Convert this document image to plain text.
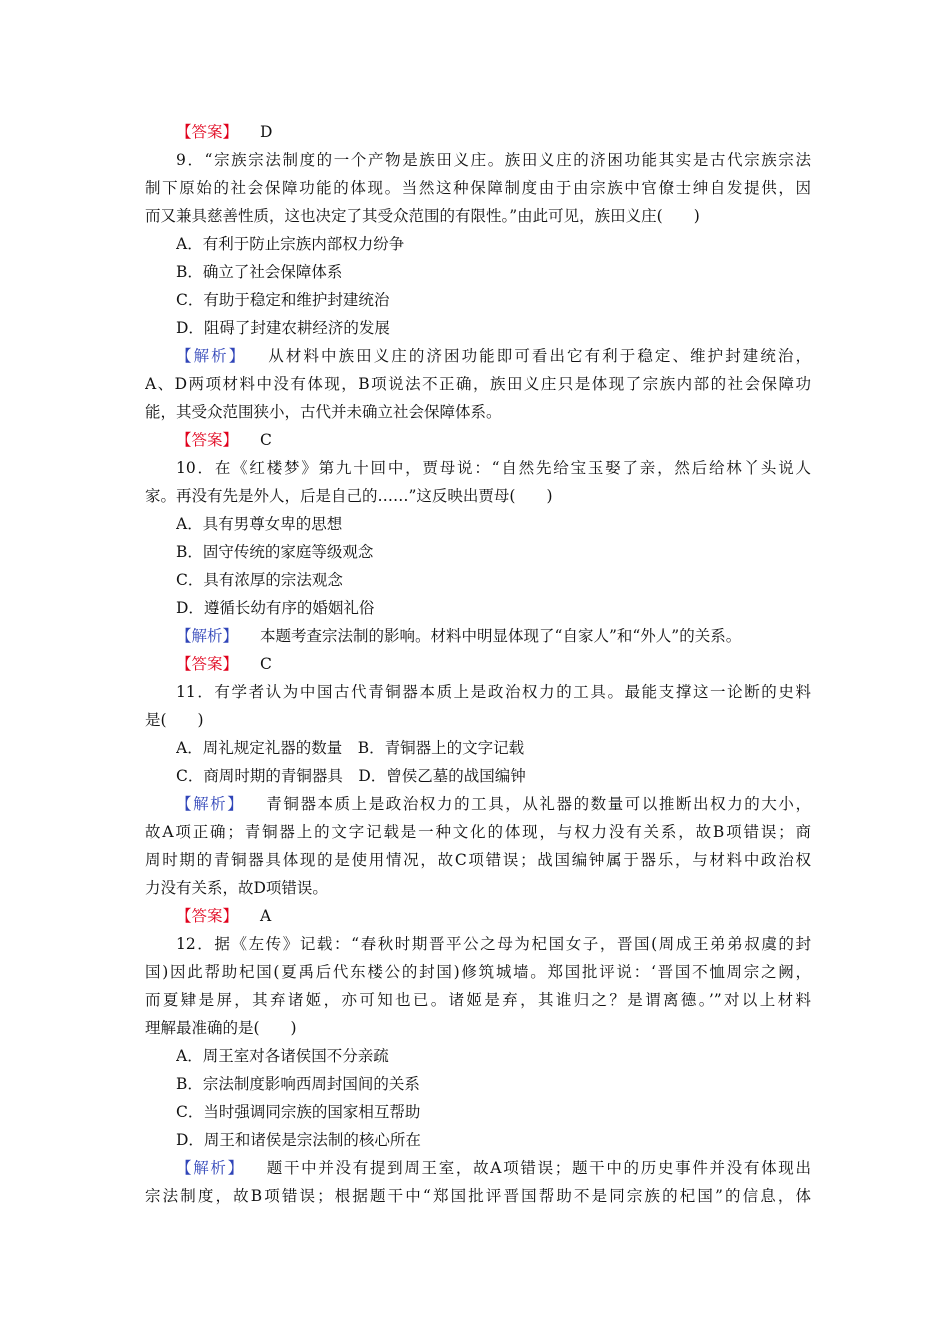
【答案】 D
9．“宗族宗法制度的一个产物是族田义庄。族田义庄的济困功能其实是古代宗族宗法
制下原始的社会保障功能的体现。当然这种保障制度由于由宗族中官僚士绅自发提供，因
而又兼具慈善性质，这也决定了其受众范围的有限性。”由此可见，族田义庄(　　)
A．有利于防止宗族内部权力纷争
B．确立了社会保障体系
C．有助于稳定和维护封建统治
D．阻碍了封建农耕经济的发展
【解析】 从材料中族田义庄的济困功能即可看出它有利于稳定、维护封建统治，
A、D两项材料中没有体现，B项说法不正确，族田义庄只是体现了宗族内部的社会保障功
能，其受众范围狭小，古代并未确立社会保障体系。
【答案】 C
10．在《红楼梦》第九十回中，贾母说：“自然先给宝玉娶了亲，然后给林丫头说人
家。再没有先是外人，后是自己的……”这反映出贾母(　　)
A．具有男尊女卑的思想
B．固守传统的家庭等级观念
C．具有浓厚的宗法观念
D．遵循长幼有序的婚姻礼俗
【解析】 本题考查宗法制的影响。材料中明显体现了“自家人”和“外人”的关系。
【答案】 C
11．有学者认为中国古代青铜器本质上是政治权力的工具。最能支撑这一论断的史料
是(　　)
A．周礼规定礼器的数量　B．青铜器上的文字记载
C．商周时期的青铜器具　D．曾侯乙墓的战国编钟
【解析】 青铜器本质上是政治权力的工具，从礼器的数量可以推断出权力的大小，
故A项正确；青铜器上的文字记载是一种文化的体现，与权力没有关系，故B项错误；商
周时期的青铜器具体现的是使用情况，故C项错误；战国编钟属于器乐，与材料中政治权
力没有关系，故D项错误。
【答案】 A
12．据《左传》记载：“春秋时期晋平公之母为杞国女子，晋国(周成王弟弟叔虞的封
国)因此帮助杞国(夏禹后代东楼公的封国)修筑城墙。郑国批评说：‘晋国不恤周宗之阙，
而夏肄是屏，其弃诸姬，亦可知也已。诸姬是弃，其谁归之？是谓离德。’”对以上材料
理解最准确的是(　　)
A．周王室对各诸侯国不分亲疏
B．宗法制度影响西周封国间的关系
C．当时强调同宗族的国家相互帮助
D．周王和诸侯是宗法制的核心所在
【解析】 题干中并没有提到周王室，故A项错误；题干中的历史事件并没有体现出
宗法制度，故B项错误；根据题干中“郑国批评晋国帮助不是同宗族的杞国”的信息，体
